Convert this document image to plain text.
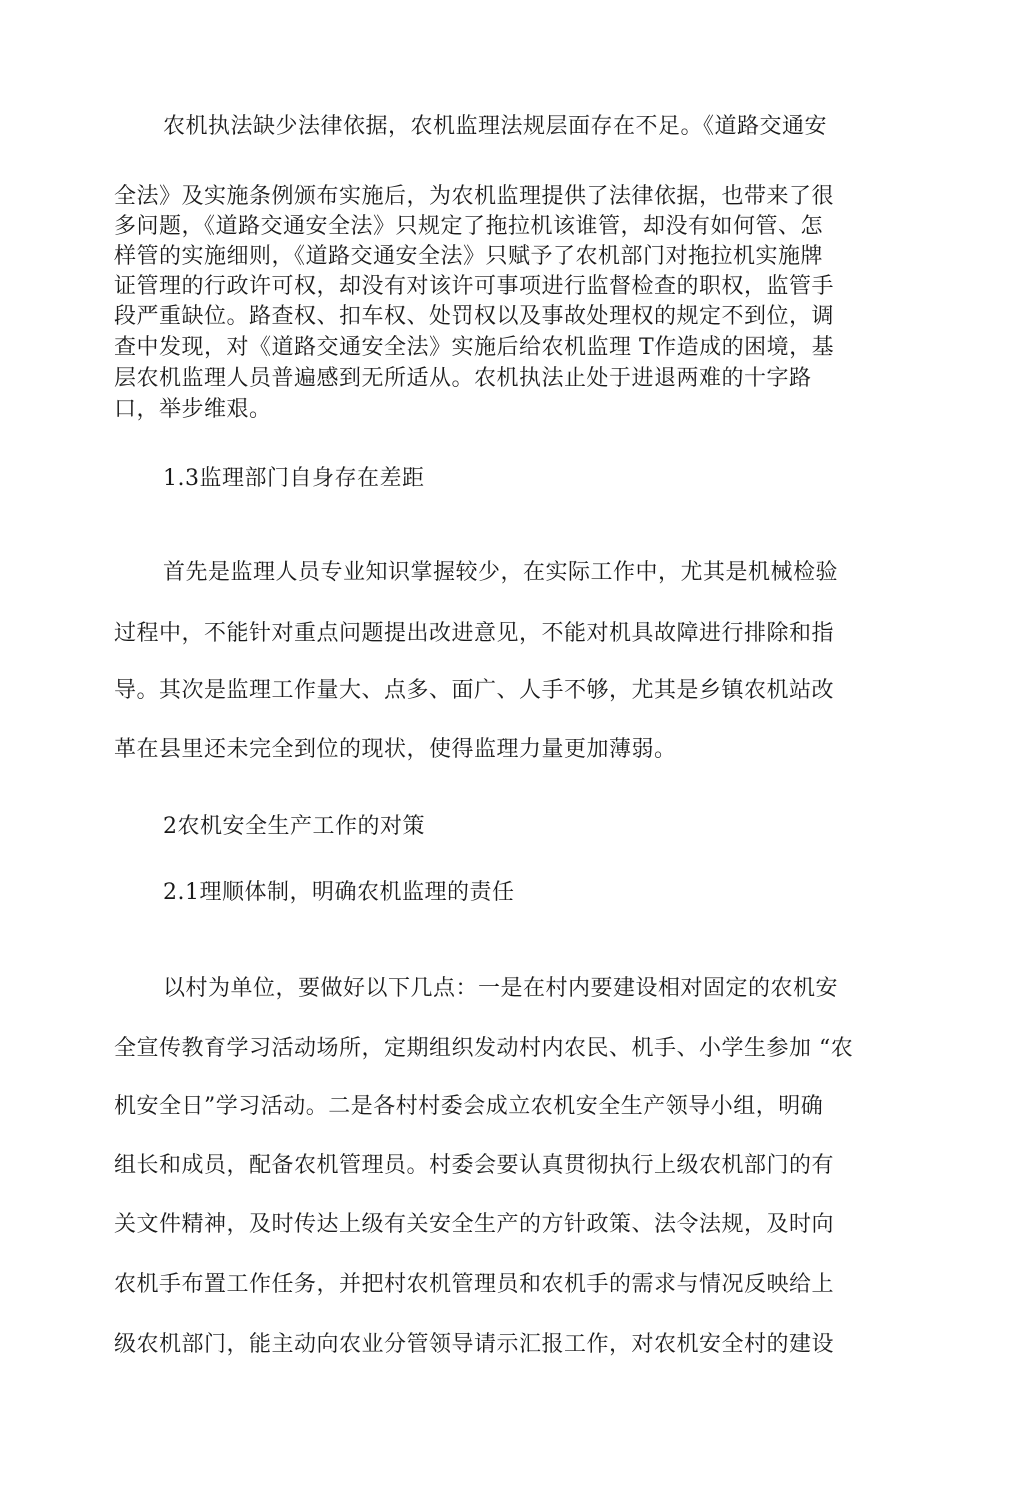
农机执法缺少法律依据，农机监理法规层面存在不足。《道路交通安
全法》及实施条例颁布实施后，为农机监理提供了法律依据，也带来了很
多问题，《道路交通安全法》只规定了拖拉机该谁管，却没有如何管、怎
样管的实施细则，《道路交通安全法》只赋予了农机部门对拖拉机实施牌
证管理的行政许可权，却没有对该许可事项进行监督检查的职权，监管手
段严重缺位。路查权、扣车权、处罚权以及事故处理权的规定不到位，调
查中发现，对《道路交通安全法》实施后给农机监理 T作造成的困境，基
层农机监理人员普遍感到无所适从。农机执法止处于进退两难的十字路
口，举步维艰。
1.3监理部门自身存在差距
首先是监理人员专业知识掌握较少，在实际工作中，尤其是机械检验
过程中，不能针对重点问题提出改进意见，不能对机具故障进行排除和指
导。其次是监理工作量大、点多、面广、人手不够，尤其是乡镇农机站改
革在县里还未完全到位的现状，使得监理力量更加薄弱。
2农机安全生产工作的对策
2.1理顺体制，明确农机监理的责任
以村为单位，要做好以下几点：一是在村内要建设相对固定的农机安
全宣传教育学习活动场所，定期组织发动村内农民、机手、小学生参加 “农
机安全日”学习活动。二是各村村委会成立农机安全生产领导小组，明确
组长和成员，配备农机管理员。村委会要认真贯彻执行上级农机部门的有
关文件精神，及时传达上级有关安全生产的方针政策、法令法规，及时向
农机手布置工作任务，并把村农机管理员和农机手的需求与情况反映给上
级农机部门，能主动向农业分管领导请示汇报工作，对农机安全村的建设
